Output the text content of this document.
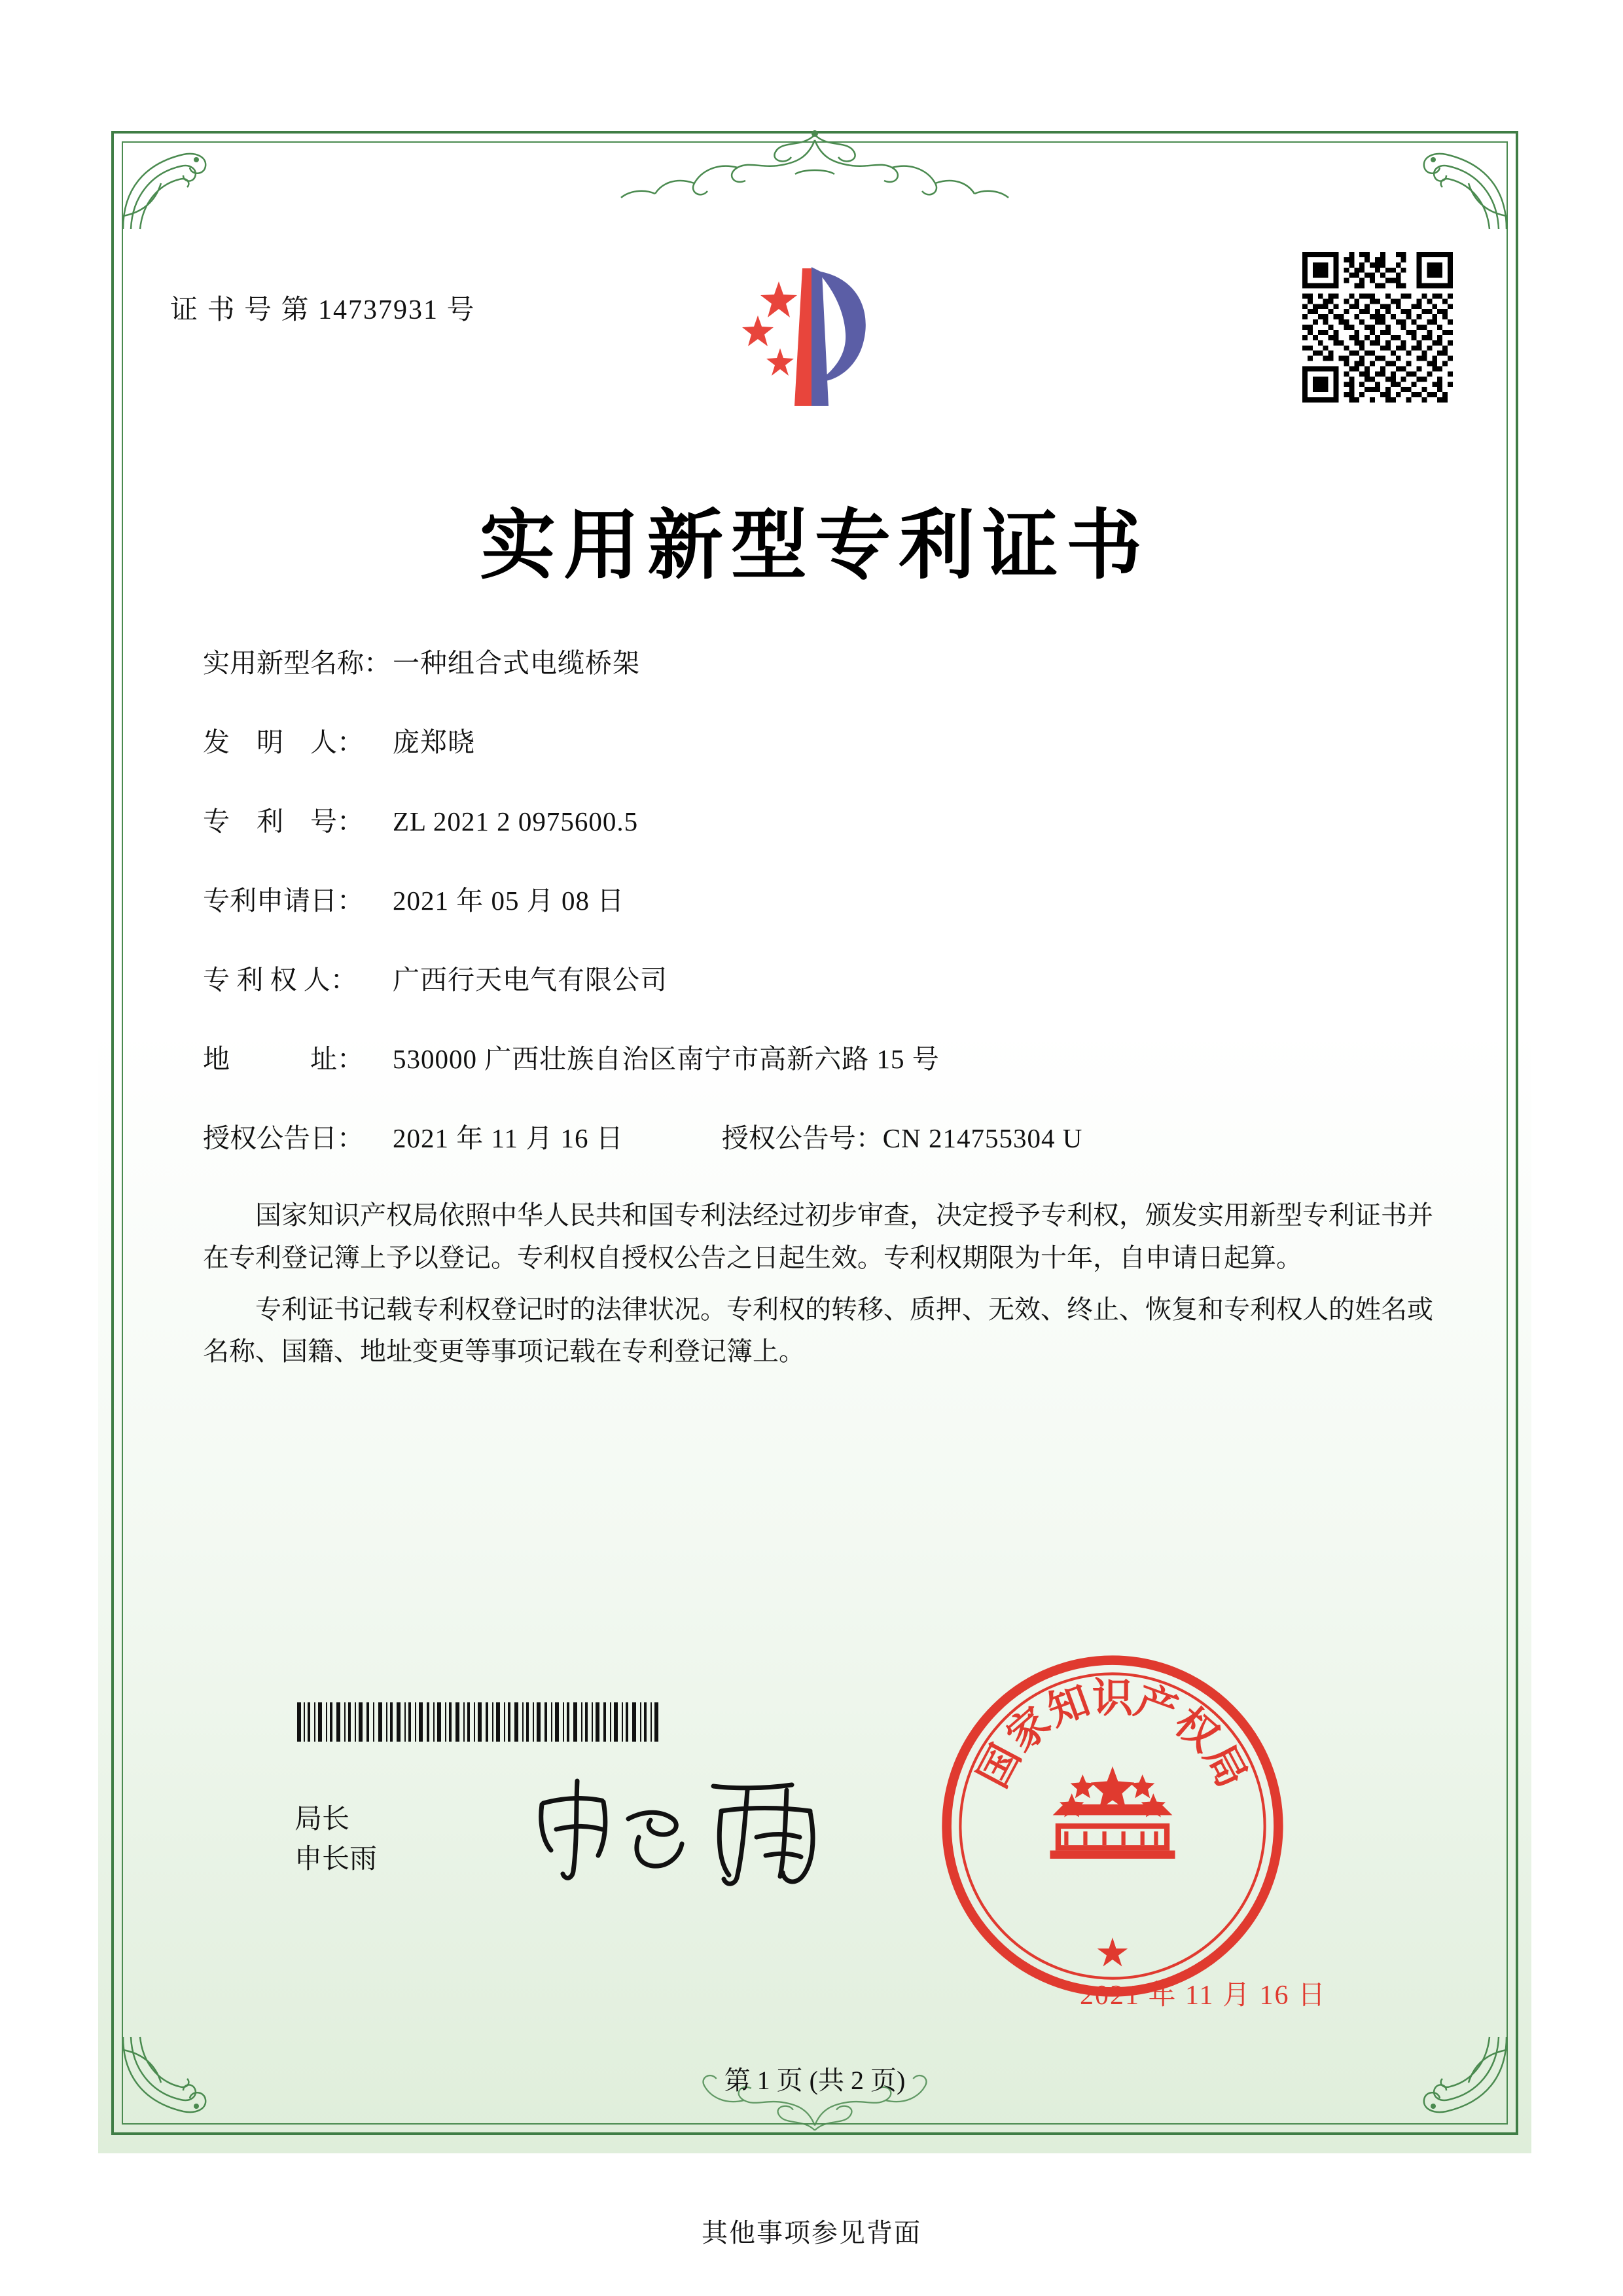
证 书 号 第 14737931 号
实用新型专利证书
实用新型名称： 一种组合式电缆桥架
发　明　人：	庞郑晓
专　利　号：	ZL 2021 2 0975600.5
专利申请日：	2021 年 05 月 08 日
专 利 权 人：	广西行天电气有限公司
地　　　址：	530000 广西壮族自治区南宁市高新六路 15 号
授权公告日：	2021 年 11 月 16 日	授权公告号： CN 214755304 U
国家知识产权局依照中华人民共和国专利法经过初步审查，决定授予专利权，颁发实用新型专利证书并在专利登记簿上予以登记。专利权自授权公告之日起生效。专利权期限为十年，自申请日起算。
专利证书记载专利权登记时的法律状况。专利权的转移、质押、无效、终止、恢复和专利权人的姓名或名称、国籍、地址变更等事项记载在专利登记簿上。
局长
申长雨
国
家
知
识
产
权
局
★
2021 年 11 月 16 日
第 1 页 (共 2 页)
其他事项参见背面
